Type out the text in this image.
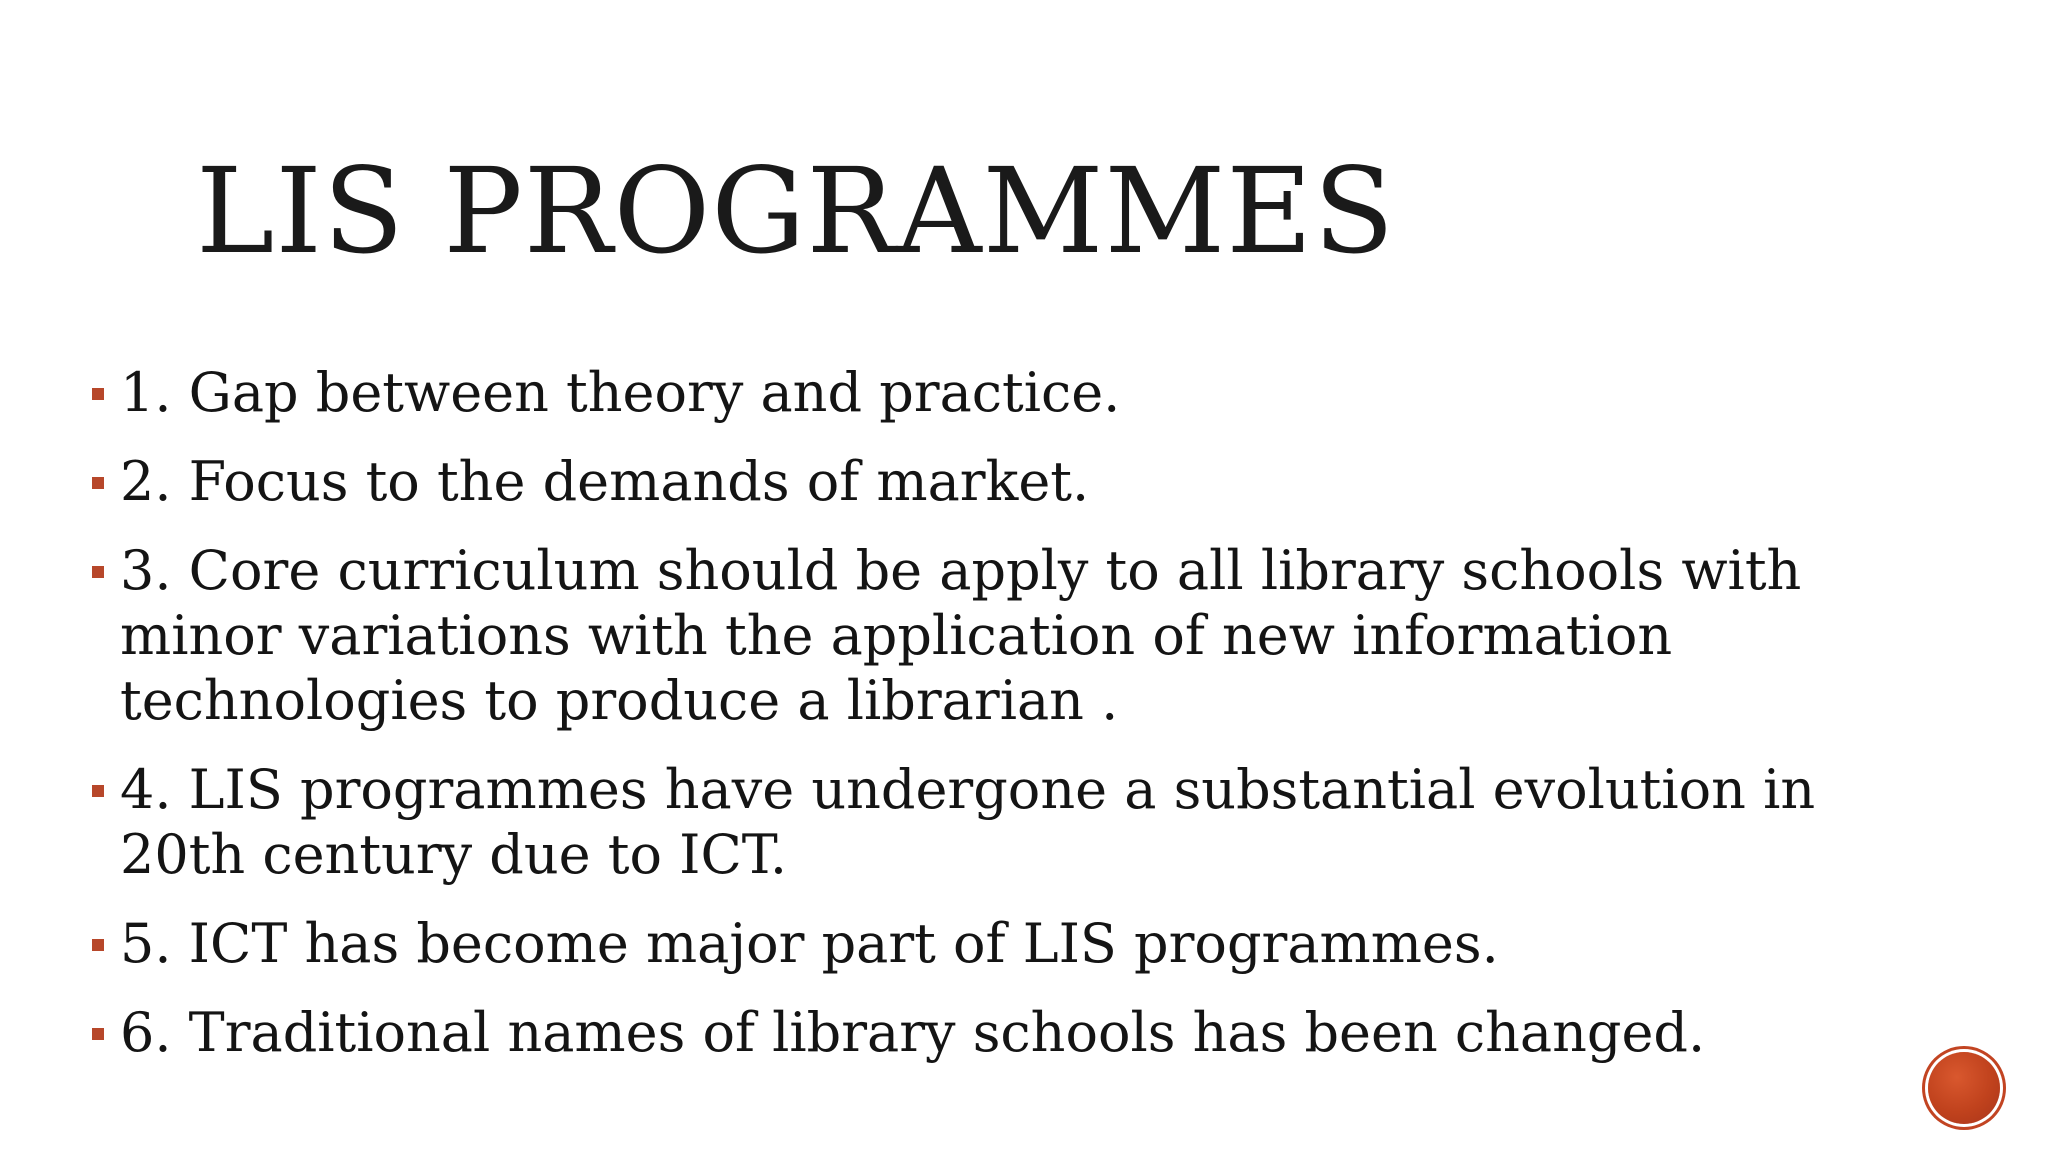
LIS PROGRAMMES
1. Gap between theory and practice.
2. Focus to the demands of market.
3. Core curriculum should be apply to all library schools with minor variations with the application of new information technologies to produce a librarian .
4. LIS programmes have undergone a substantial evolution in 20th century due to ICT.
5. ICT has become major part of LIS programmes.
6. Traditional names of library schools has been changed.
